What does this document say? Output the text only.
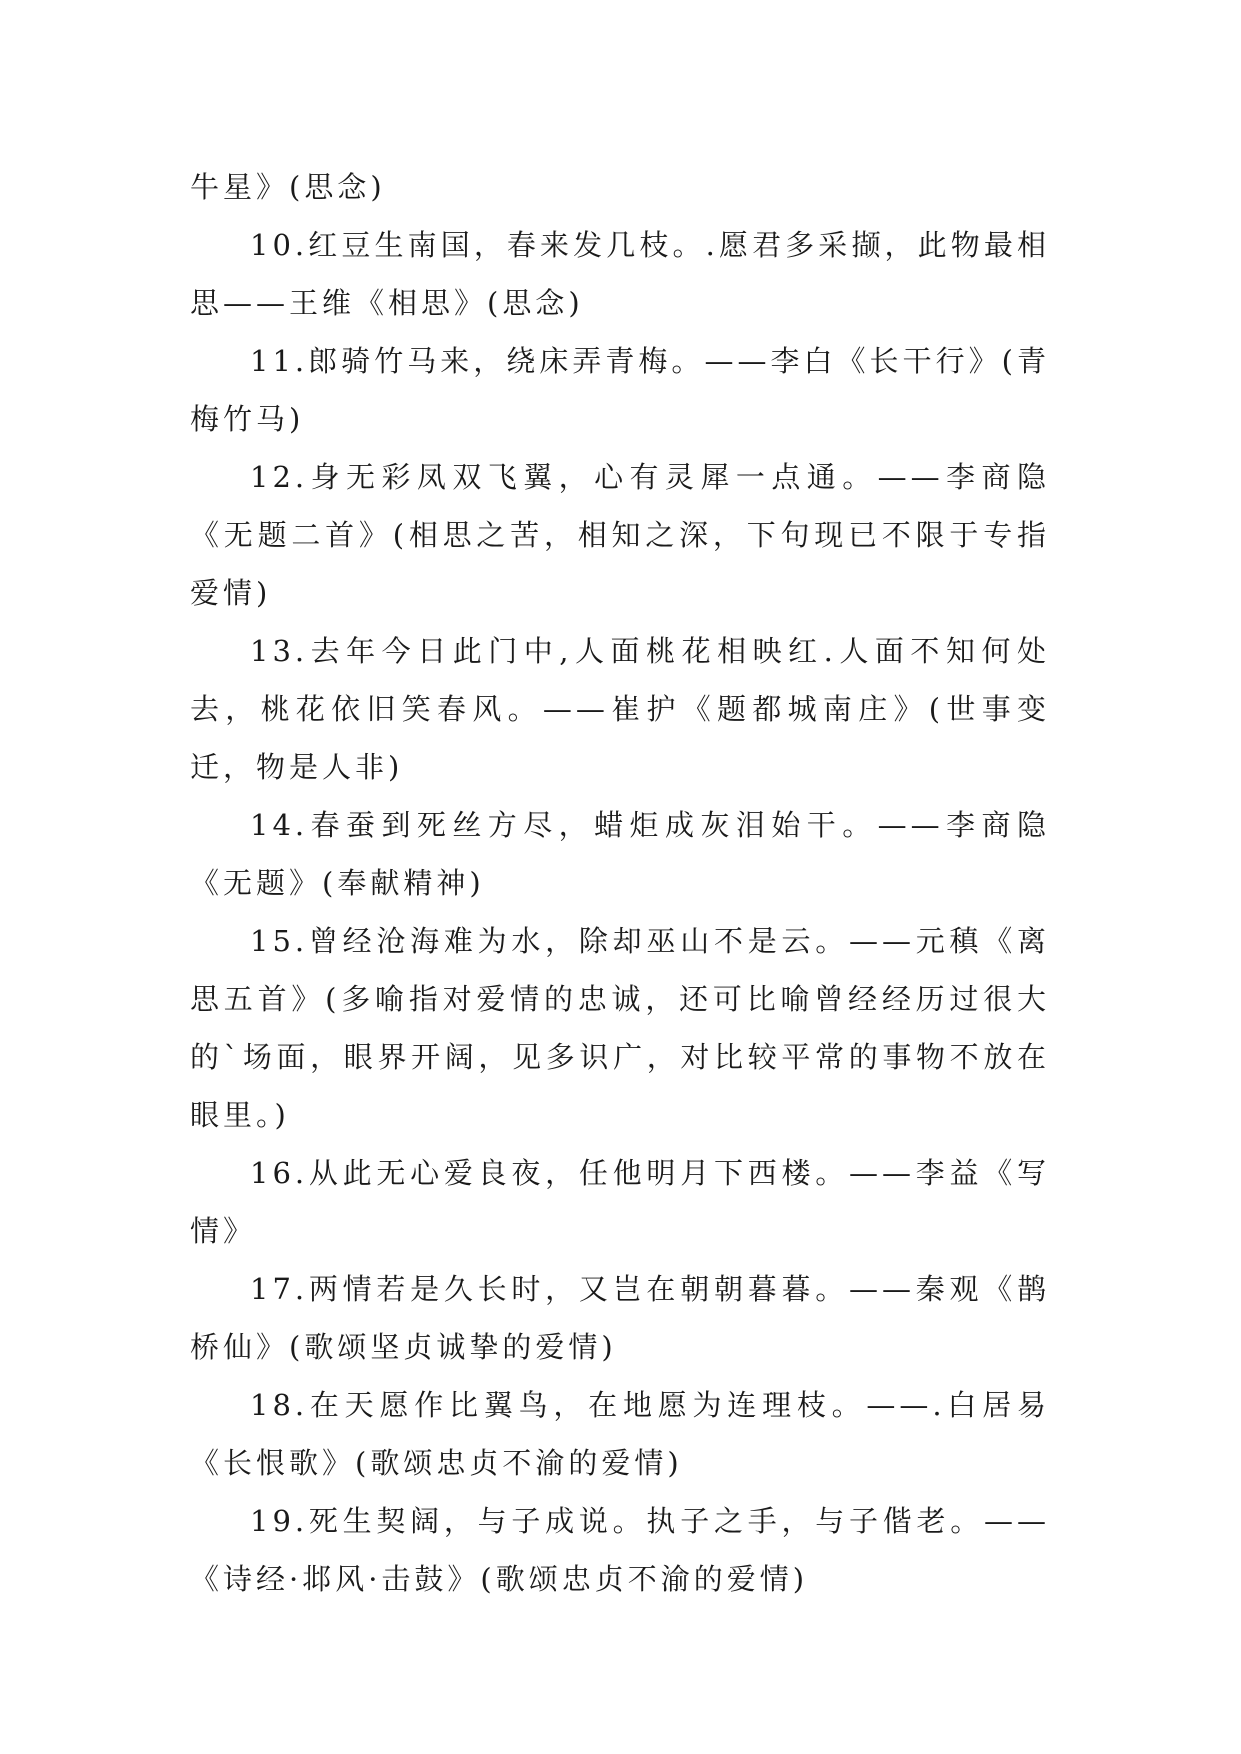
牛星》(思念)

10.红豆生南国，春来发几枝。.愿君多采撷，此物最相思——王维《相思》(思念)

11.郎骑竹马来，绕床弄青梅。——李白《长干行》(青梅竹马)

12.身无彩凤双飞翼，心有灵犀一点通。——李商隐《无题二首》(相思之苦，相知之深，下句现已不限于专指爱情)

13.去年今日此门中,人面桃花相映红.人面不知何处去，桃花依旧笑春风。——崔护《题都城南庄》(世事变迁，物是人非)

14.春蚕到死丝方尽，蜡炬成灰泪始干。——李商隐《无题》(奉献精神)

15.曾经沧海难为水，除却巫山不是云。——元稹《离思五首》(多喻指对爱情的忠诚，还可比喻曾经经历过很大的`场面，眼界开阔，见多识广，对比较平常的事物不放在眼里。)

16.从此无心爱良夜，任他明月下西楼。——李益《写情》

17.两情若是久长时，又岂在朝朝暮暮。——秦观《鹊桥仙》(歌颂坚贞诚挚的爱情)

18.在天愿作比翼鸟，在地愿为连理枝。——.白居易《长恨歌》(歌颂忠贞不渝的爱情)

19.死生契阔，与子成说。执子之手，与子偕老。——《诗经·邶风·击鼓》(歌颂忠贞不渝的爱情)
